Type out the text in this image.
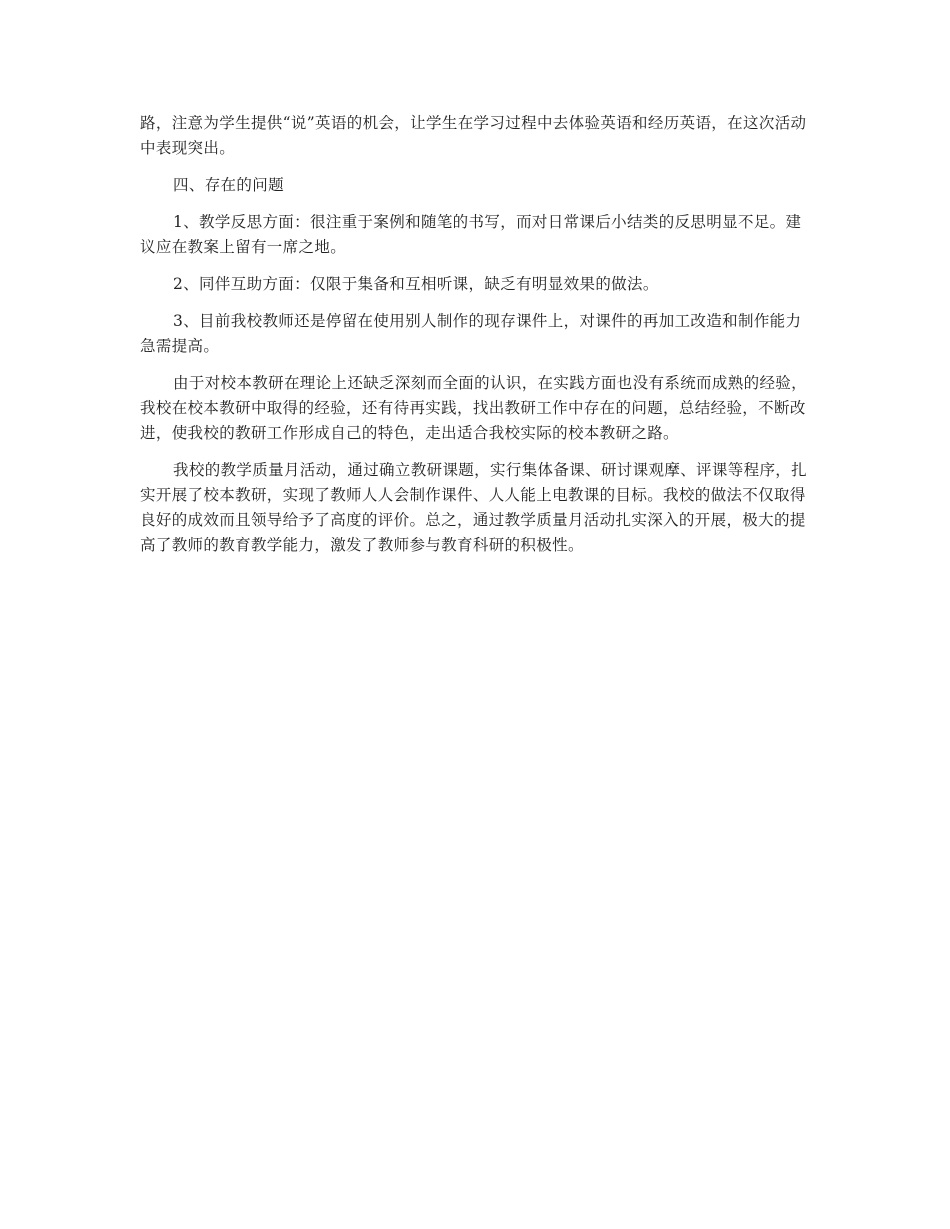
路，注意为学生提供“说”英语的机会，让学生在学习过程中去体验英语和经历英语，在这次活动中表现突出。

四、存在的问题

1、教学反思方面：很注重于案例和随笔的书写，而对日常课后小结类的反思明显不足。建议应在教案上留有一席之地。

2、同伴互助方面：仅限于集备和互相听课，缺乏有明显效果的做法。

3、目前我校教师还是停留在使用别人制作的现存课件上，对课件的再加工改造和制作能力急需提高。

由于对校本教研在理论上还缺乏深刻而全面的认识，在实践方面也没有系统而成熟的经验，我校在校本教研中取得的经验，还有待再实践，找出教研工作中存在的问题，总结经验，不断改进，使我校的教研工作形成自己的特色，走出适合我校实际的校本教研之路。

我校的教学质量月活动，通过确立教研课题，实行集体备课、研讨课观摩、评课等程序，扎实开展了校本教研，实现了教师人人会制作课件、人人能上电教课的目标。我校的做法不仅取得良好的成效而且领导给予了高度的评价。总之，通过教学质量月活动扎实深入的开展，极大的提高了教师的教育教学能力，激发了教师参与教育科研的积极性。
